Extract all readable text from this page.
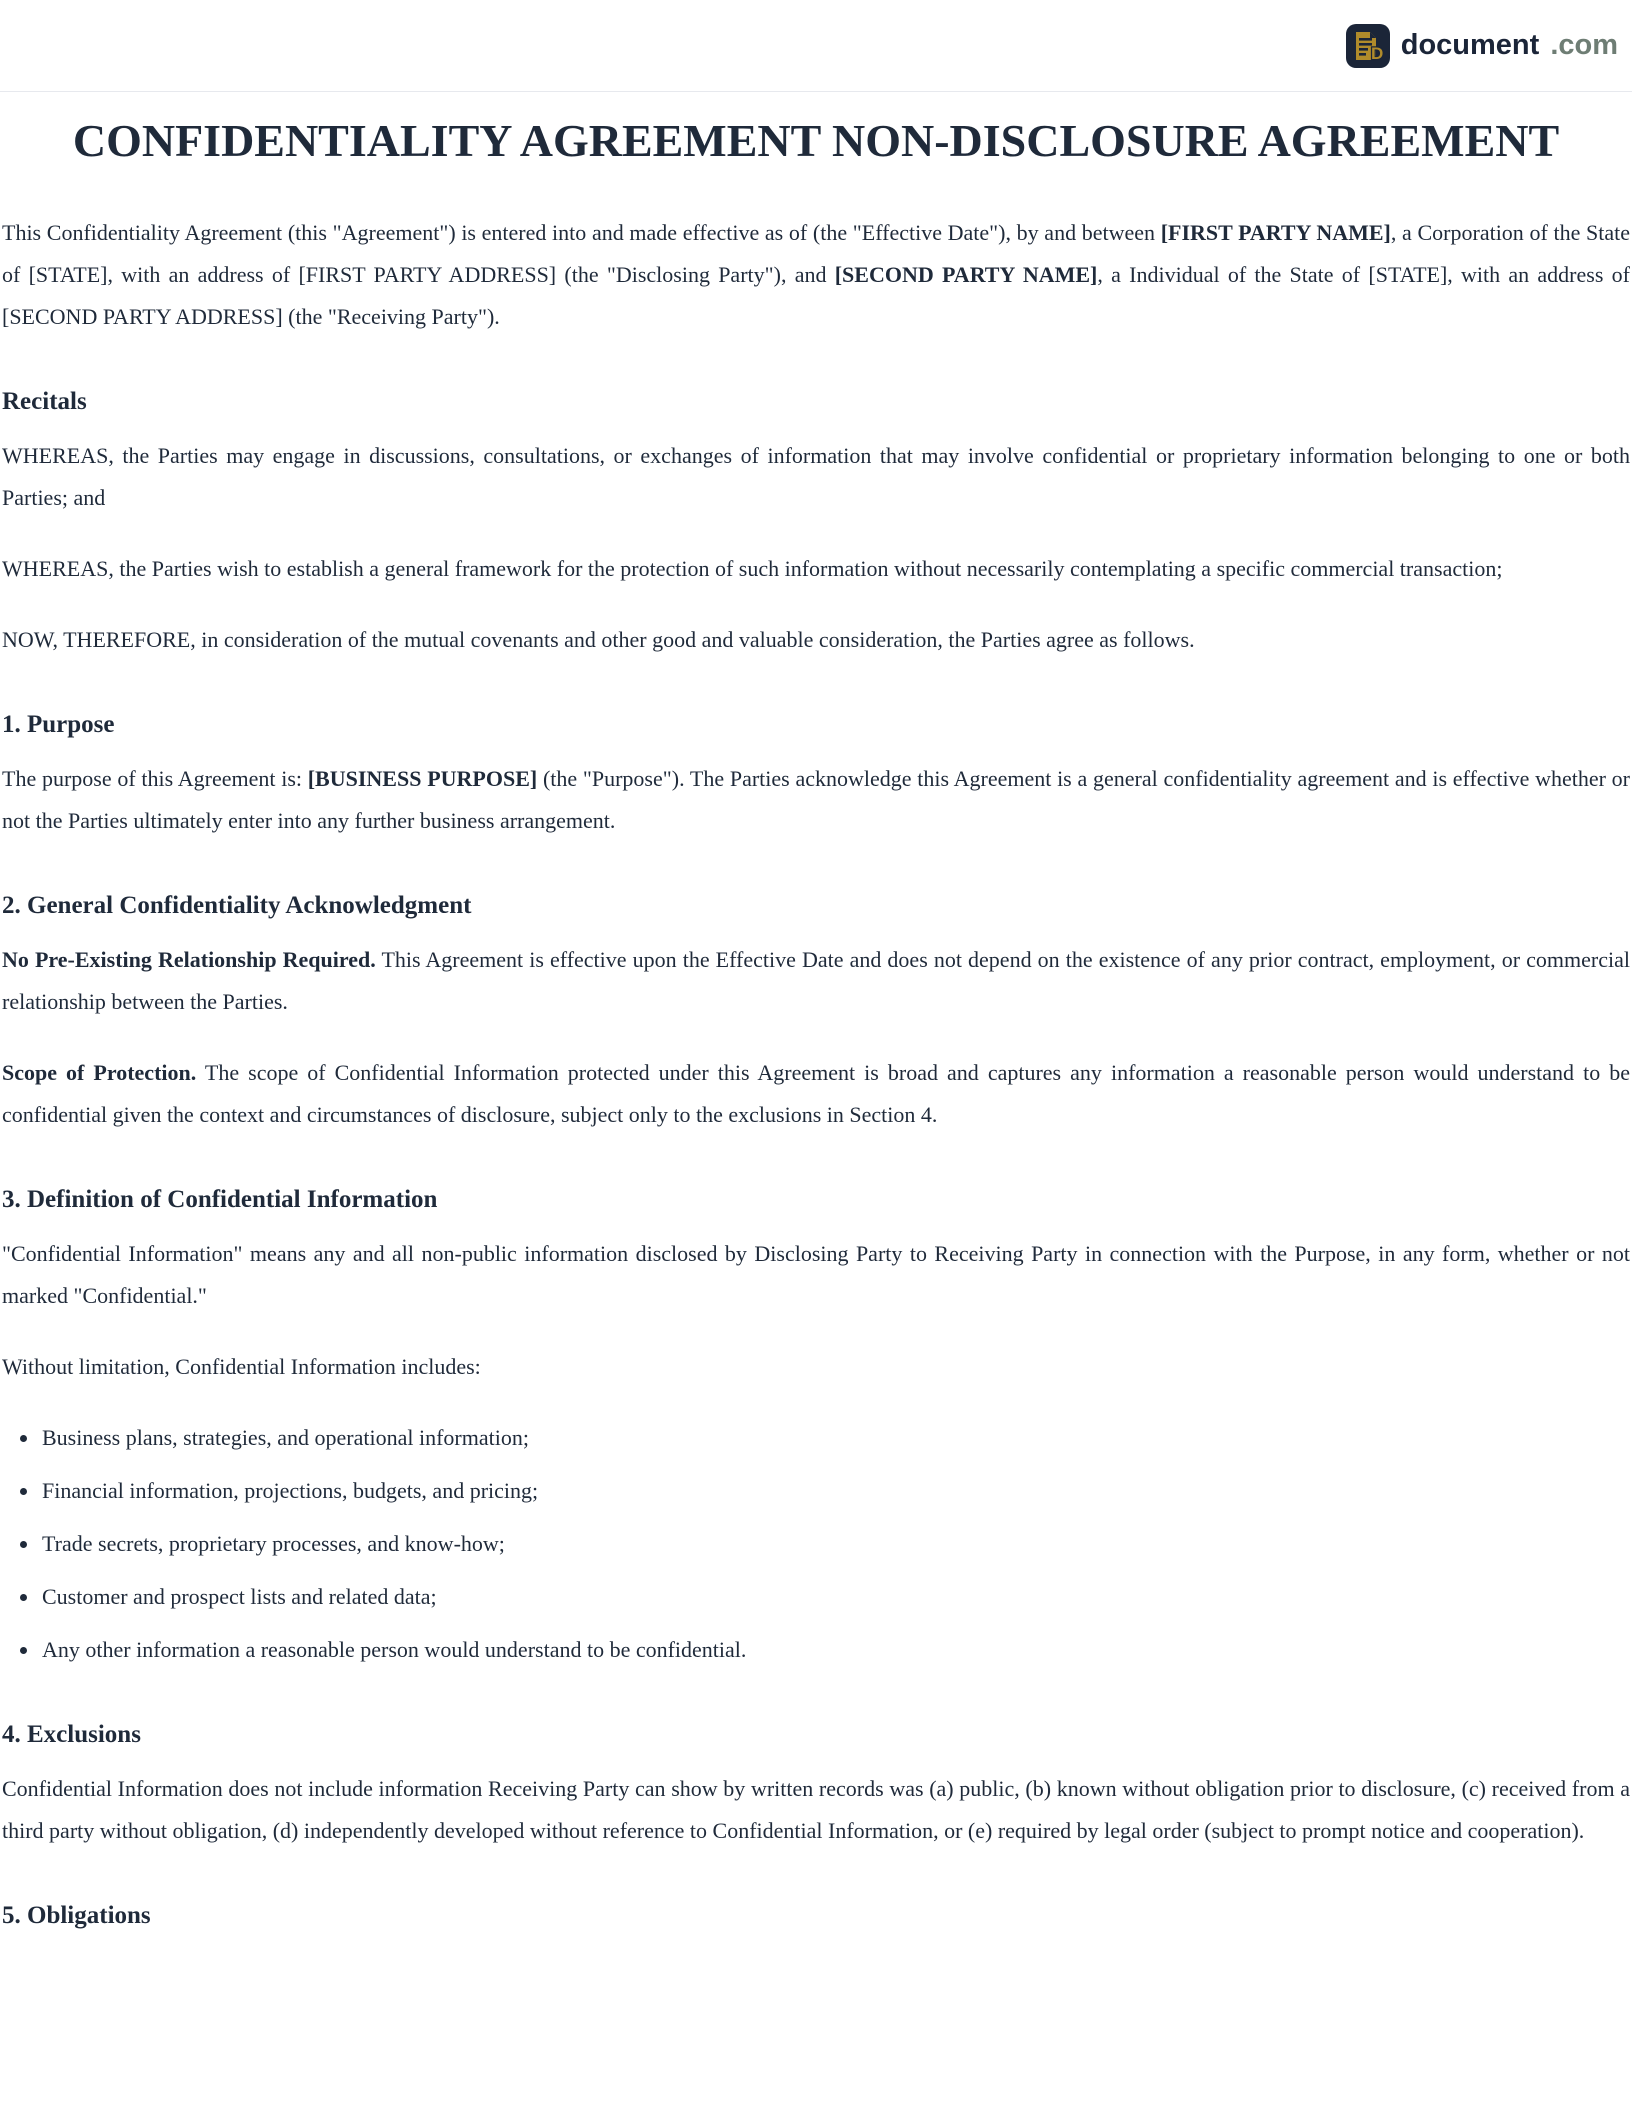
D document .com
CONFIDENTIALITY AGREEMENT NON-DISCLOSURE AGREEMENT

This Confidentiality Agreement (this "Agreement") is entered into and made effective as of (the "Effective Date"), by and between [FIRST PARTY NAME], a Corporation of the State of [STATE], with an address of [FIRST PARTY ADDRESS] (the "Disclosing Party"), and [SECOND PARTY NAME], a Individual of the State of [STATE], with an address of [SECOND PARTY ADDRESS] (the "Receiving Party").

Recitals

WHEREAS, the Parties may engage in discussions, consultations, or exchanges of information that may involve confidential or proprietary information belonging to one or both Parties; and

WHEREAS, the Parties wish to establish a general framework for the protection of such information without necessarily contemplating a specific commercial transaction;

NOW, THEREFORE, in consideration of the mutual covenants and other good and valuable consideration, the Parties agree as follows.

1. Purpose

The purpose of this Agreement is: [BUSINESS PURPOSE] (the "Purpose"). The Parties acknowledge this Agreement is a general confidentiality agreement and is effective whether or not the Parties ultimately enter into any further business arrangement.

2. General Confidentiality Acknowledgment

No Pre-Existing Relationship Required. This Agreement is effective upon the Effective Date and does not depend on the existence of any prior contract, employment, or commercial relationship between the Parties.

Scope of Protection. The scope of Confidential Information protected under this Agreement is broad and captures any information a reasonable person would understand to be confidential given the context and circumstances of disclosure, subject only to the exclusions in Section 4.

3. Definition of Confidential Information

"Confidential Information" means any and all non-public information disclosed by Disclosing Party to Receiving Party in connection with the Purpose, in any form, whether or not marked "Confidential."

Without limitation, Confidential Information includes:

• Business plans, strategies, and operational information;
• Financial information, projections, budgets, and pricing;
• Trade secrets, proprietary processes, and know-how;
• Customer and prospect lists and related data;
• Any other information a reasonable person would understand to be confidential.
4. Exclusions

Confidential Information does not include information Receiving Party can show by written records was (a) public, (b) known without obligation prior to disclosure, (c) received from a third party without obligation, (d) independently developed without reference to Confidential Information, or (e) required by legal order (subject to prompt notice and cooperation).

5. Obligations
